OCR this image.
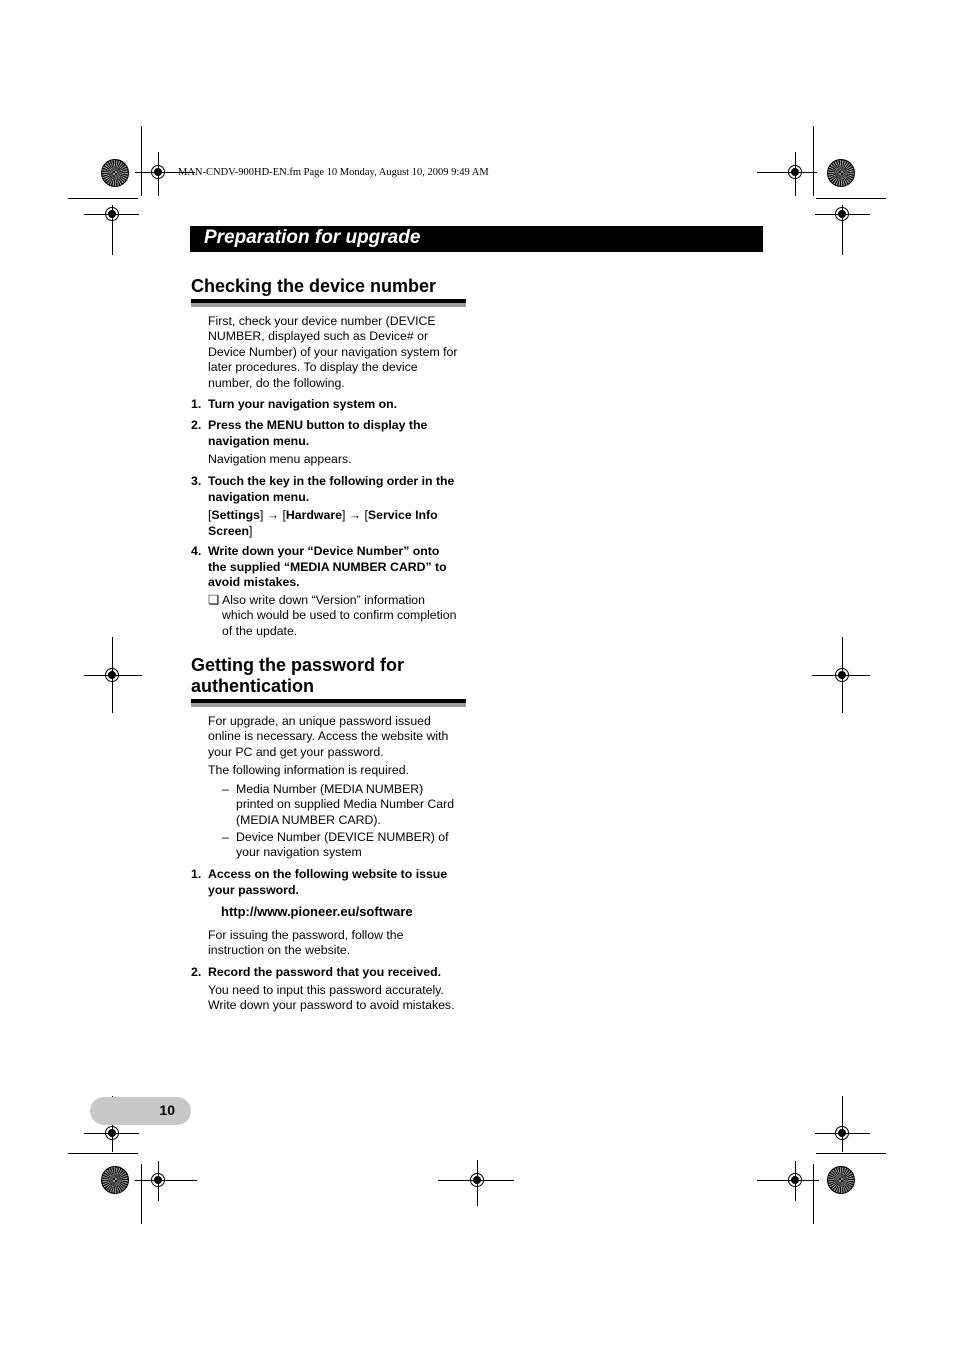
MAN-CNDV-900HD-EN.fm Page 10 Monday, August 10, 2009 9:49 AM
Preparation for upgrade
Checking the device number
First, check your device number (DEVICE
NUMBER, displayed such as Device# or
Device Number) of your navigation system for
later procedures. To display the device
number, do the following.
1. Turn your navigation system on.
2. Press the MENU button to display the
navigation menu.
Navigation menu appears.
3. Touch the key in the following order in the
navigation menu.
[Settings] → [Hardware] → [Service Info
Screen]
4. Write down your “Device Number” onto
the supplied “MEDIA NUMBER CARD” to
avoid mistakes.
❏ Also write down “Version” information
which would be used to confirm completion
of the update.
Getting the password for
authentication
For upgrade, an unique password issued
online is necessary. Access the website with
your PC and get your password.
The following information is required.
– Media Number (MEDIA NUMBER)
printed on supplied Media Number Card
(MEDIA NUMBER CARD).
– Device Number (DEVICE NUMBER) of
your navigation system
1. Access on the following website to issue
your password.
http://www.pioneer.eu/software
For issuing the password, follow the
instruction on the website.
2. Record the password that you received.
You need to input this password accurately.
Write down your password to avoid mistakes.
10
